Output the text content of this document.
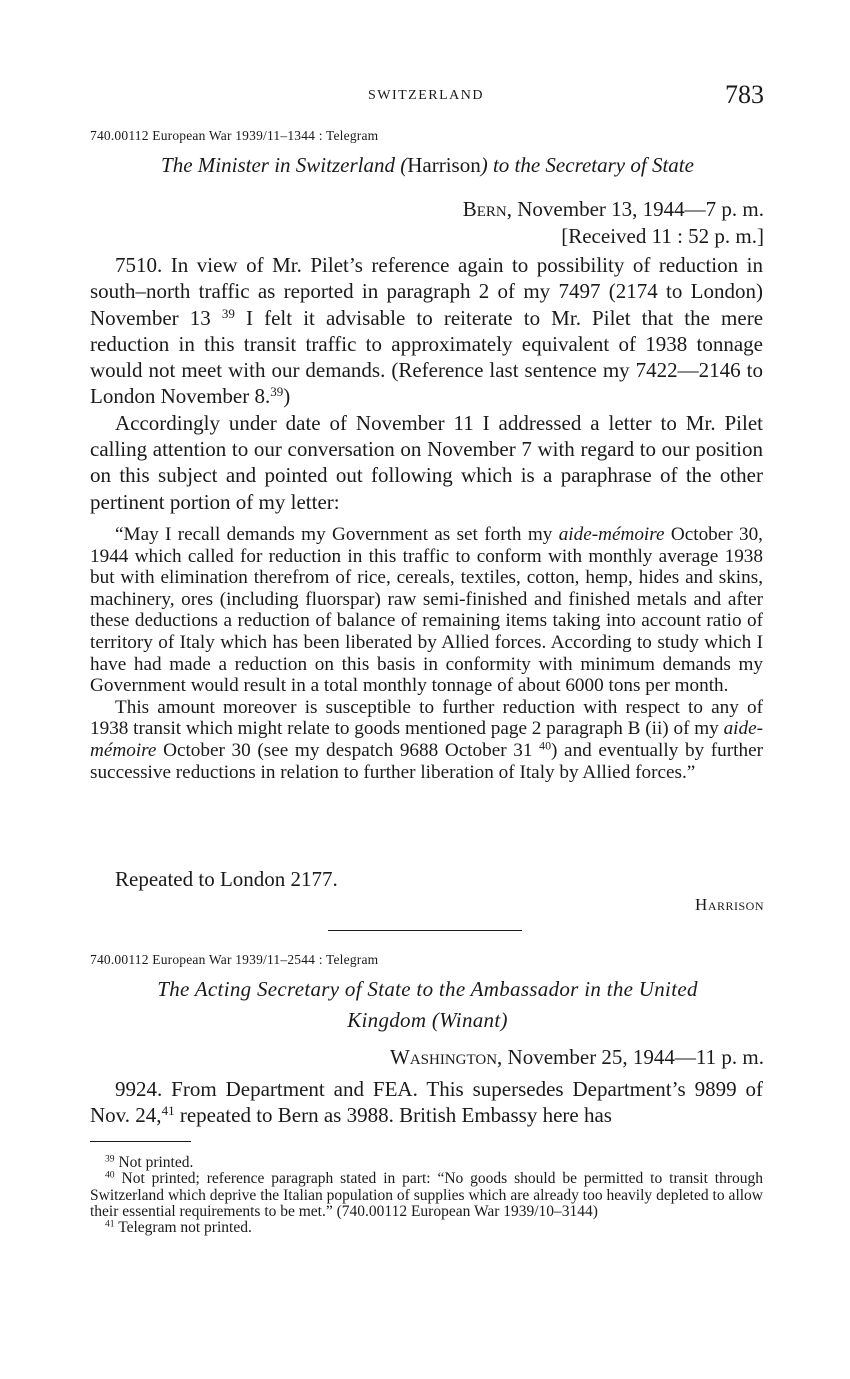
SWITZERLAND	783
740.00112 European War 1939/11–1344 : Telegram
The Minister in Switzerland (Harrison) to the Secretary of State
Bern, November 13, 1944—7 p. m.
[Received 11 : 52 p. m.]

7510. In view of Mr. Pilet’s reference again to possibility of reduction in south–north traffic as reported in paragraph 2 of my 7497 (2174 to London) November 13 $^{39}$ I felt it advisable to reiterate to Mr. Pilet that the mere reduction in this transit traffic to approximately equivalent of 1938 tonnage would not meet with our demands. (Reference last sentence my 7422—2146 to London November 8.39)

Accordingly under date of November 11 I addressed a letter to Mr. Pilet calling attention to our conversation on November 7 with regard to our position on this subject and pointed out following which is a paraphrase of the other pertinent portion of my letter:

“May I recall demands my Government as set forth my aide-mémoire October 30, 1944 which called for reduction in this traffic to conform with monthly average 1938 but with elimination therefrom of rice, cereals, textiles, cotton, hemp, hides and skins, machinery, ores (including fluorspar) raw semi-finished and finished metals and after these deductions a reduction of balance of remaining items taking into account ratio of territory of Italy which has been liberated by Allied forces. According to study which I have had made a reduction on this basis in conformity with minimum demands my Government would result in a total monthly tonnage of about 6000 tons per month.

This amount moreover is susceptible to further reduction with respect to any of 1938 transit which might relate to goods mentioned page 2 paragraph B (ii) of my aide-mémoire October 30 (see my despatch 9688 October 31 $^{40}$) and eventually by further successive reductions in relation to further liberation of Italy by Allied forces.”

Repeated to London 2177.

Harrison
740.00112 European War 1939/11–2544 : Telegram
The Acting Secretary of State to the Ambassador in the United
Kingdom (Winant)
Washington, November 25, 1944—11 p. m.

9924. From Department and FEA. This supersedes Department’s 9899 of Nov. 24,41 repeated to Bern as 3988. British Embassy here has

$^{39}$ Not printed.

$^{40}$ Not printed; reference paragraph stated in part: “No goods should be permitted to transit through Switzerland which deprive the Italian population of supplies which are already too heavily depleted to allow their essential requirements to be met.” (740.00112 European War 1939/10–3144)

$^{41}$ Telegram not printed.
